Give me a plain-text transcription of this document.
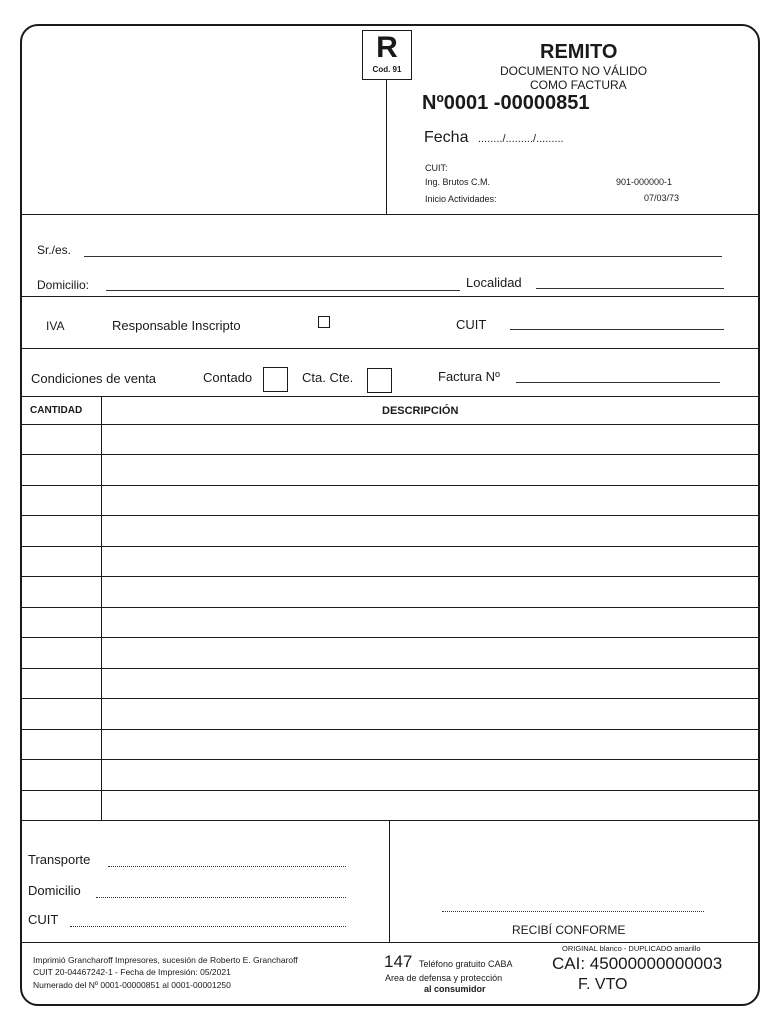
R
Cod. 91
REMITO
DOCUMENTO NO VÁLIDO
COMO FACTURA
Nº0001 -00000851
Fecha ......../........./.........
CUIT:
Ing. Brutos C.M.	901-000000-1
Inicio Actividades:	07/03/73
Sr./es.
Domicilio:	Localidad
IVA	Responsable Inscripto	CUIT
Condiciones de venta	Contado	Cta. Cte.	Factura Nº
CANTIDAD	DESCRIPCIÓN
Transporte
Domicilio
CUIT
RECIBÍ CONFORME
Imprimió Grancharoff Impresores, sucesión de Roberto E. Grancharoff
CUIT 20-04467242-1 - Fecha de Impresión: 05/2021
Numerado del Nº 0001-00000851 al 0001-00001250
147 Teléfono gratuito CABA
Area de defensa y protección
al consumidor
ORIGINAL blanco - DUPLICADO amarillo
CAI: 45000000000003
F. VTO
